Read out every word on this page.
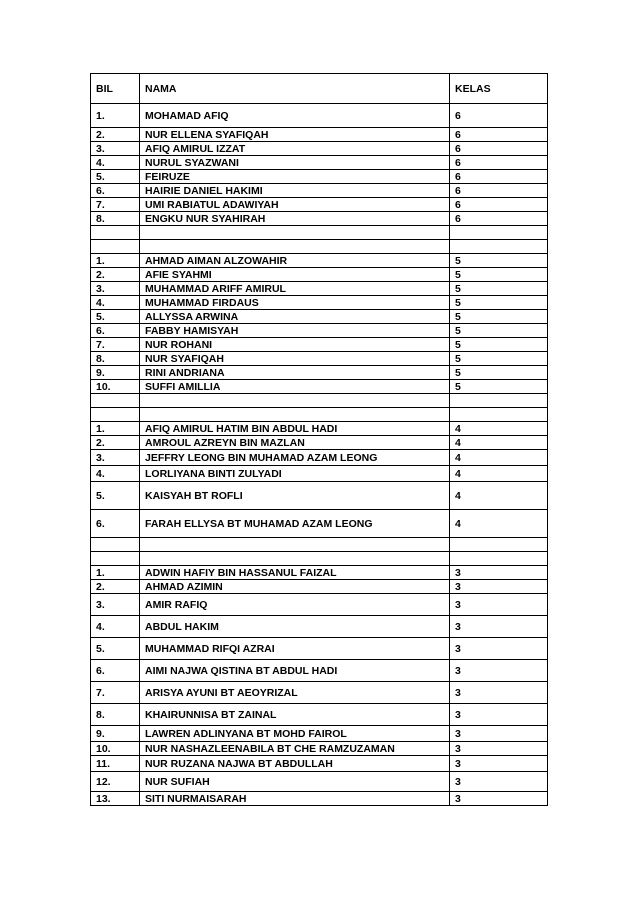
BIL	NAMA	KELAS
1.	MOHAMAD AFIQ	6
2.	NUR ELLENA SYAFIQAH	6
3.	AFIQ AMIRUL IZZAT	6
4.	NURUL SYAZWANI	6
5.	FEIRUZE	6
6.	HAIRIE DANIEL HAKIMI	6
7.	UMI RABIATUL ADAWIYAH	6
8.	ENGKU NUR SYAHIRAH	6

1.	AHMAD AIMAN ALZOWAHIR	5
2.	AFIE SYAHMI	5
3.	MUHAMMAD ARIFF AMIRUL	5
4.	MUHAMMAD FIRDAUS	5
5.	ALLYSSA ARWINA	5
6.	FABBY HAMISYAH	5
7.	NUR ROHANI	5
8.	NUR SYAFIQAH	5
9.	RINI ANDRIANA	5
10.	SUFFI AMILLIA	5

1.	AFIQ AMIRUL HATIM BIN ABDUL HADI	4
2.	AMROUL AZREYN BIN MAZLAN	4
3.	JEFFRY LEONG BIN MUHAMAD AZAM LEONG	4
4.	LORLIYANA BINTI ZULYADI	4
5.	KAISYAH BT ROFLI	4
6.	FARAH ELLYSA BT MUHAMAD AZAM LEONG	4

1.	ADWIN HAFIY BIN HASSANUL FAIZAL	3
2.	AHMAD AZIMIN	3
3.	AMIR RAFIQ	3
4.	ABDUL HAKIM	3
5.	MUHAMMAD RIFQI AZRAI	3
6.	AIMI NAJWA QISTINA BT ABDUL HADI	3
7.	ARISYA AYUNI BT AEOYRIZAL	3
8.	KHAIRUNNISA BT ZAINAL	3
9.	LAWREN ADLINYANA BT MOHD FAIROL	3
10.	NUR NASHAZLEENABILA BT CHE RAMZUZAMAN	3
11.	NUR RUZANA NAJWA BT ABDULLAH	3
12.	NUR SUFIAH	3
13.	SITI NURMAISARAH	3
